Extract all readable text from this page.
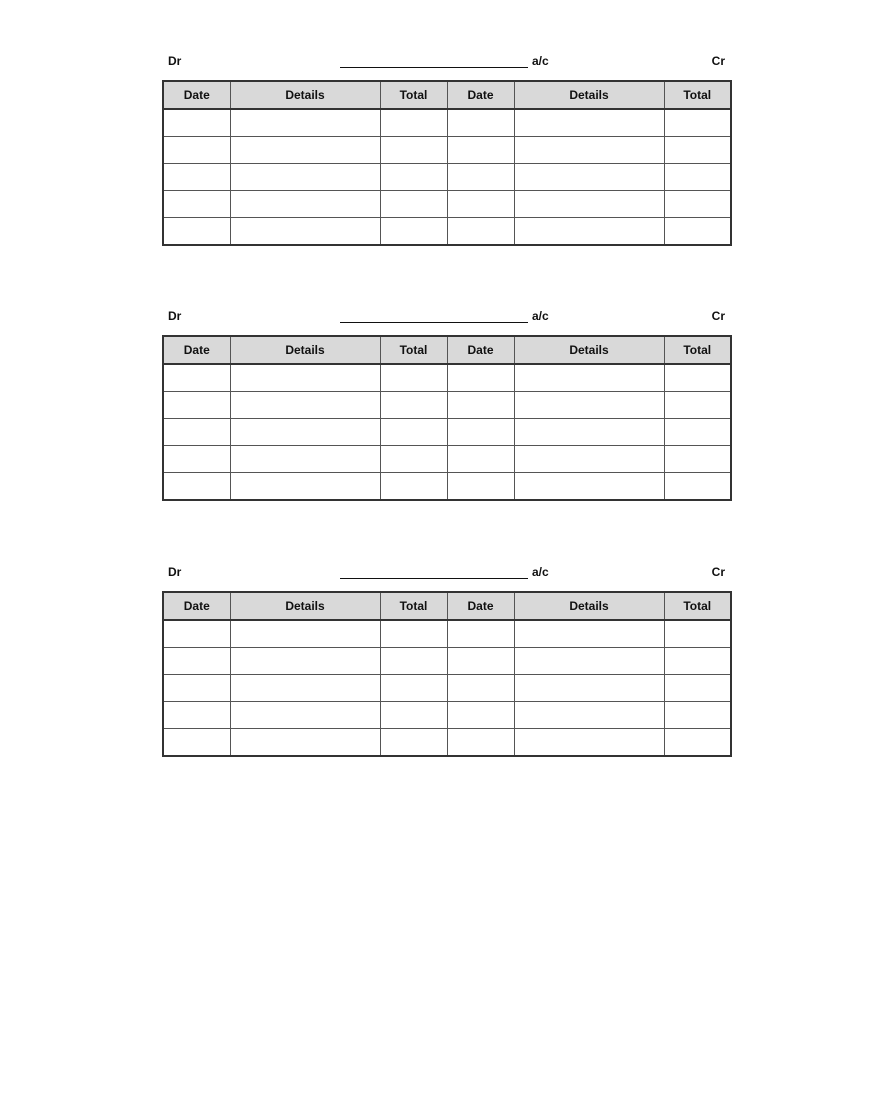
Dr	a/c	Cr
Date	Details	Total	Date	Details	Total

Dr	a/c	Cr
Date	Details	Total	Date	Details	Total

Dr	a/c	Cr
Date	Details	Total	Date	Details	Total
